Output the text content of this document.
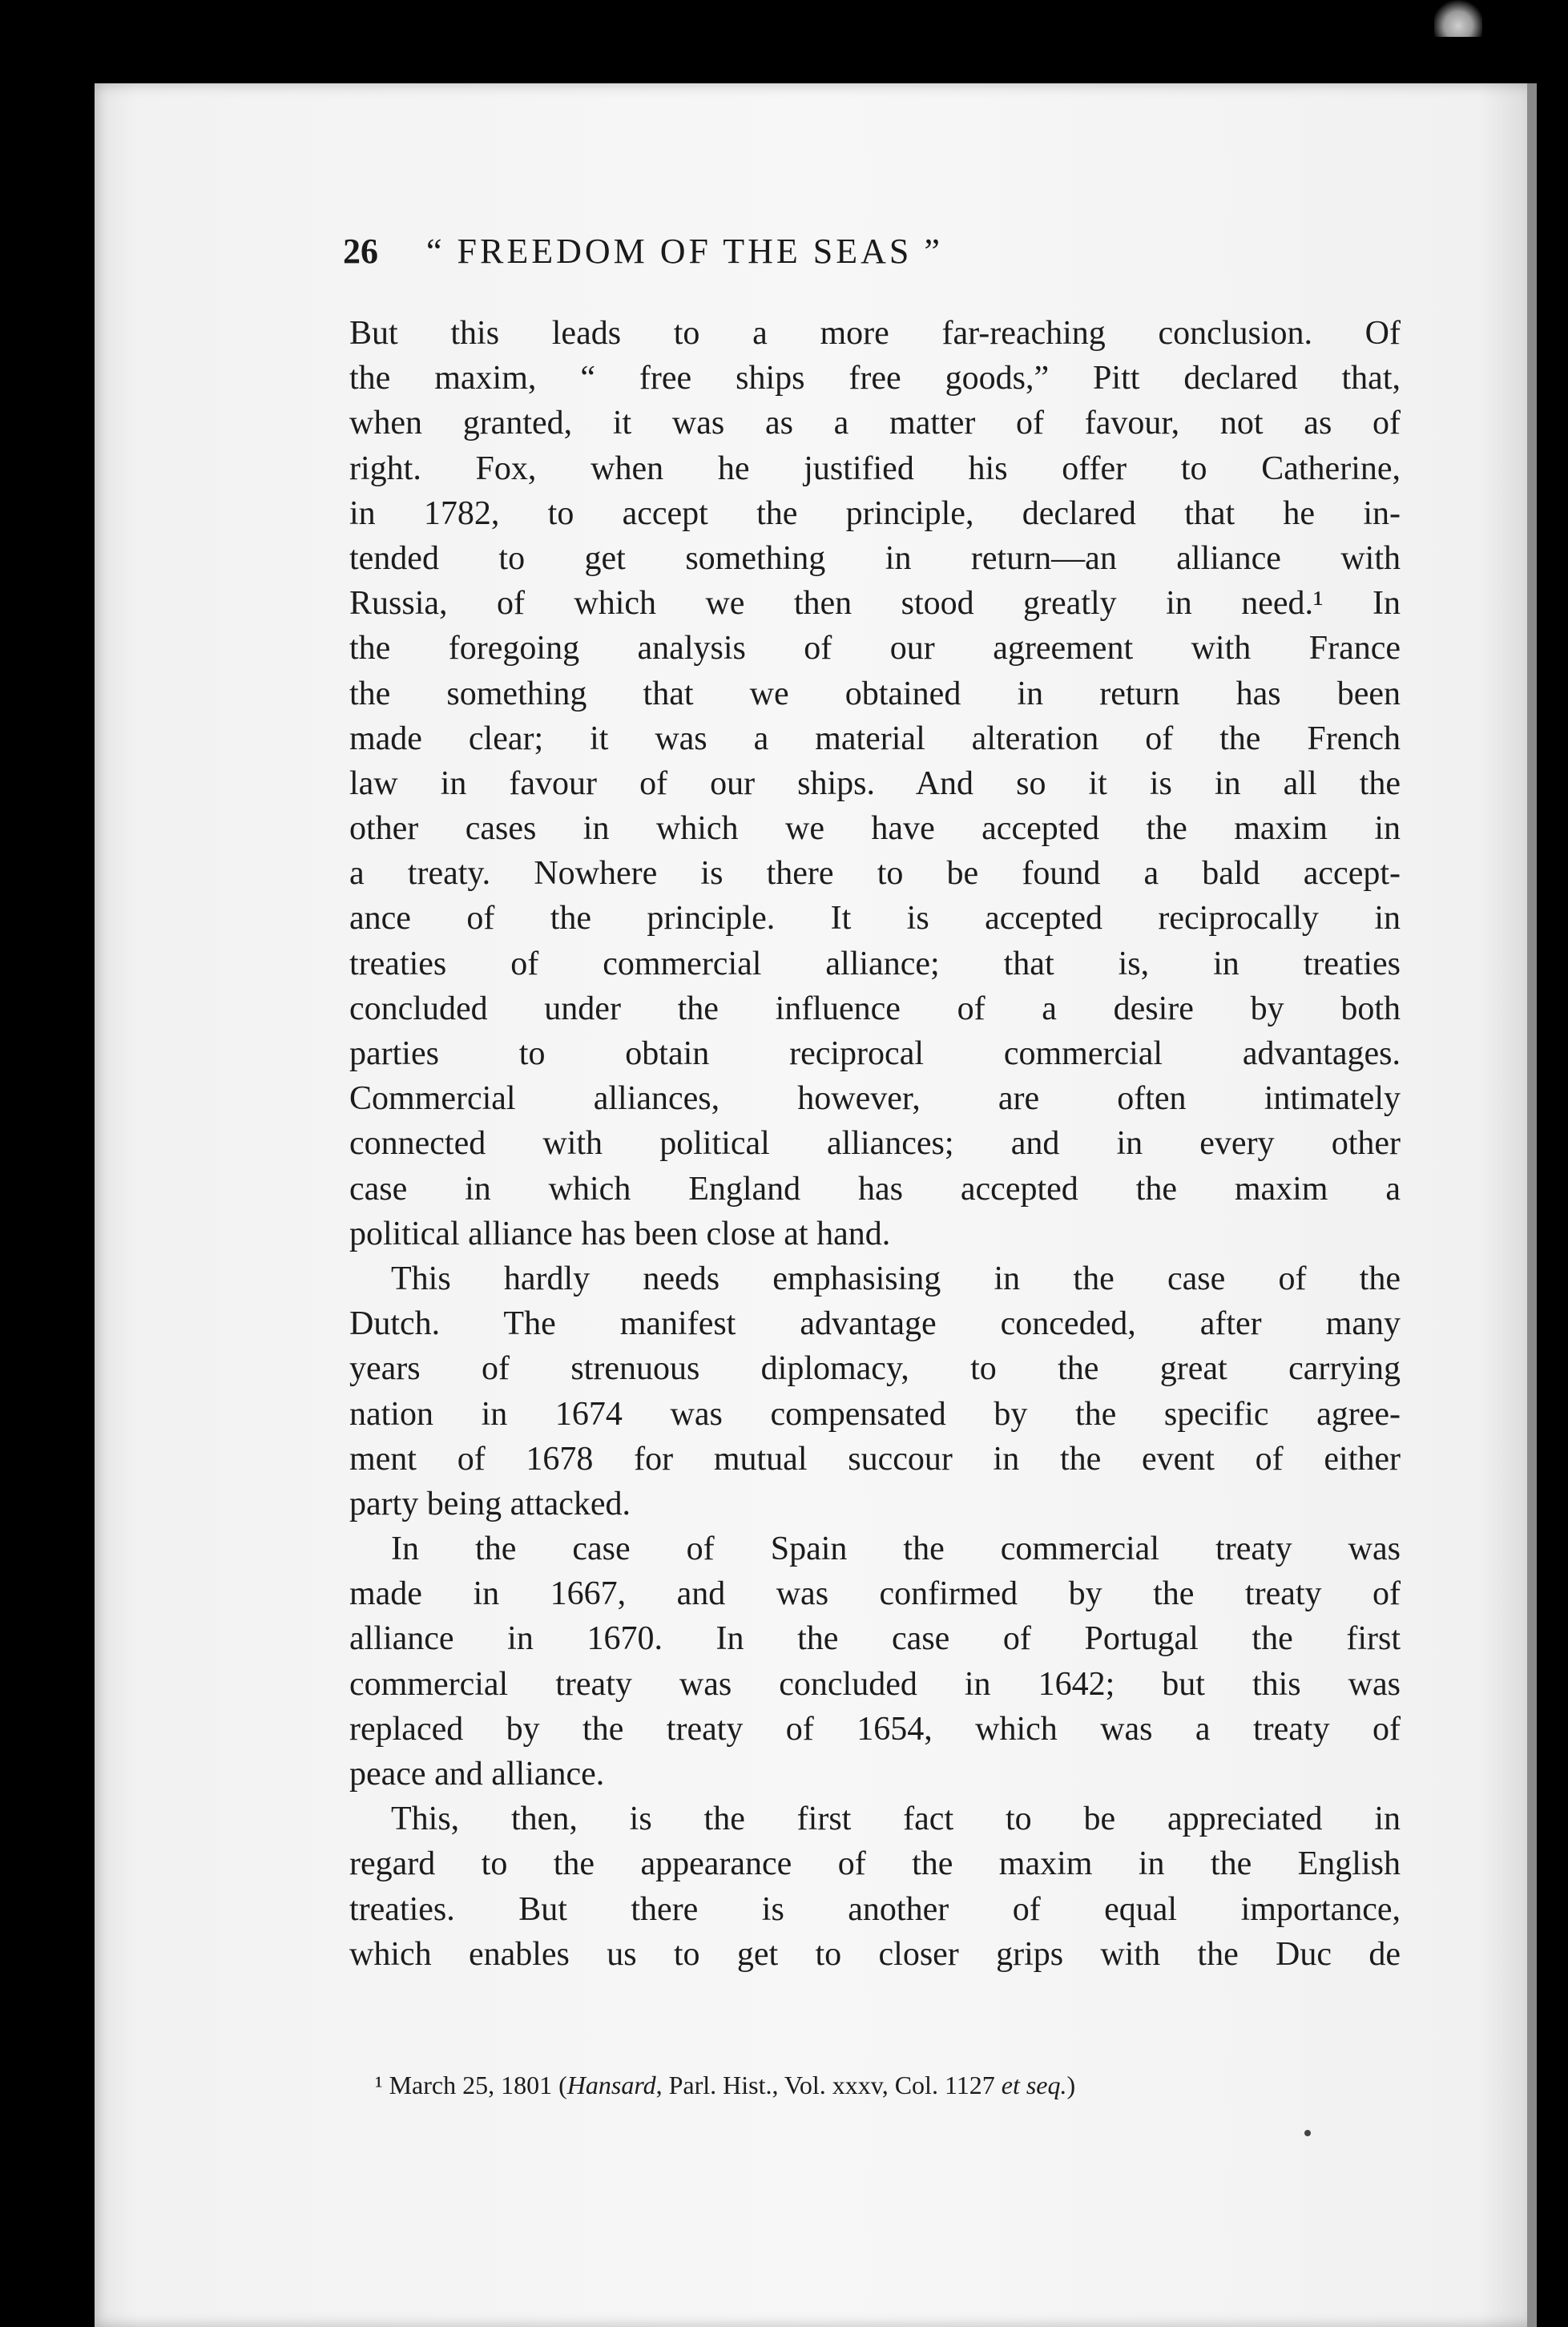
26 “ FREEDOM OF THE SEAS ”
But this leads to a more far-reaching conclusion. Of
the maxim, “ free ships free goods,” Pitt declared that,
when granted, it was as a matter of favour, not as of
right. Fox, when he justified his offer to Catherine,
in 1782, to accept the principle, declared that he in-
tended to get something in return—an alliance with
Russia, of which we then stood greatly in need.¹ In
the foregoing analysis of our agreement with France
the something that we obtained in return has been
made clear; it was a material alteration of the French
law in favour of our ships. And so it is in all the
other cases in which we have accepted the maxim in
a treaty. Nowhere is there to be found a bald accept-
ance of the principle. It is accepted reciprocally in
treaties of commercial alliance; that is, in treaties
concluded under the influence of a desire by both
parties to obtain reciprocal commercial advantages.
Commercial alliances, however, are often intimately
connected with political alliances; and in every other
case in which England has accepted the maxim a
political alliance has been close at hand.
This hardly needs emphasising in the case of the
Dutch. The manifest advantage conceded, after many
years of strenuous diplomacy, to the great carrying
nation in 1674 was compensated by the specific agree-
ment of 1678 for mutual succour in the event of either
party being attacked.
In the case of Spain the commercial treaty was
made in 1667, and was confirmed by the treaty of
alliance in 1670. In the case of Portugal the first
commercial treaty was concluded in 1642; but this was
replaced by the treaty of 1654, which was a treaty of
peace and alliance.
This, then, is the first fact to be appreciated in
regard to the appearance of the maxim in the English
treaties. But there is another of equal importance,
which enables us to get to closer grips with the Duc de
¹ March 25, 1801 (Hansard, Parl. Hist., Vol. xxxv, Col. 1127 et seq.)
